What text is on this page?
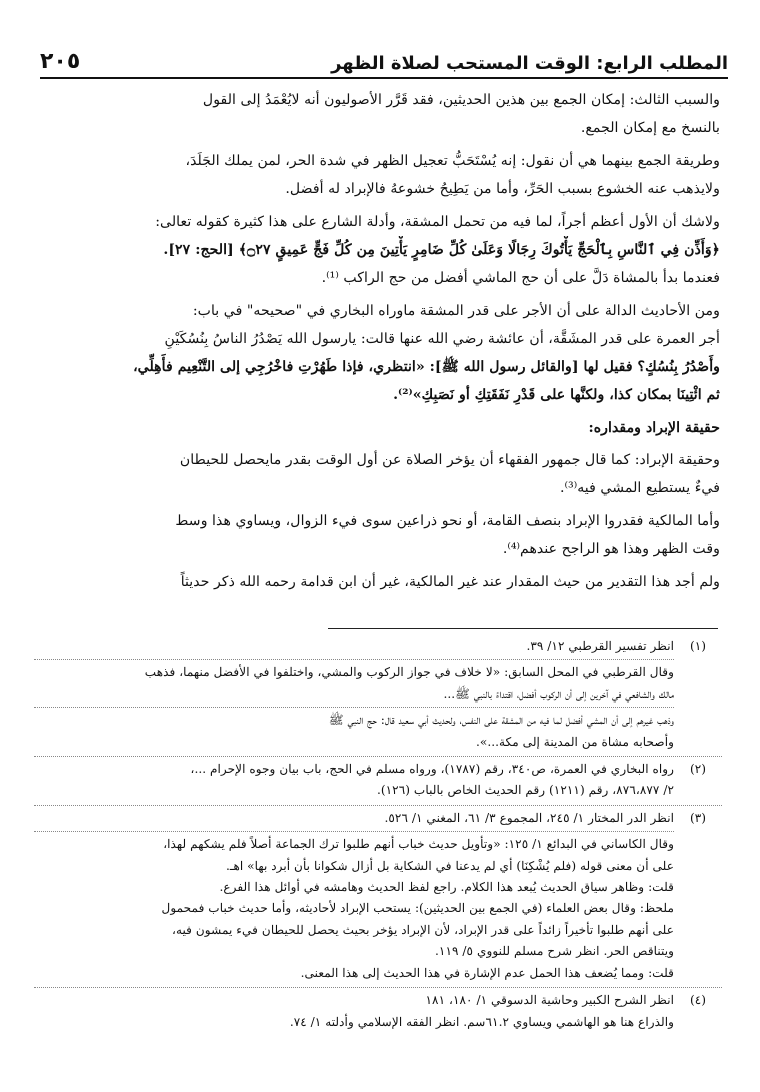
المطلب الرابع: الوقت المستحب لصلاة الظهر
٢٠٥
والسبب الثالث: إمكان الجمع بين هذين الحديثين، فقد قَرَّر الأصوليون أنه لايُعْمَدُ إلى القول
بالنسخ مع إمكان الجمع.
وطريقة الجمع بينهما هي أن نقول: إنه يُسْتَحَبُّ تعجيل الظهر في شدة الحر، لمن يملك الجَلَدَ،
ولايذهب عنه الخشوع بسبب الحَرِّ، وأما من يَطِيحُ خشوعهُ فالإبراد له أفضل.
ولاشك أن الأول أعظم أجراً، لما فيه من تحمل المشقة، وأدلة الشارع على هذا كثيرة كقوله تعالى:
﴿وَأَذِّن فِي ٱلنَّاسِ بِٱلْحَجِّ يَأْتُوكَ رِجَالًا وَعَلَىٰ كُلِّ ضَامِرٍ يَأْتِينَ مِن كُلِّ فَجٍّ عَمِيقٍ ۝٢٧﴾ [الحج: ٢٧].
فعندما بدأ بالمشاة دَلَّ على أن حج الماشي أفضل من حج الراكب ⁽¹⁾.
ومن الأحاديث الدالة على أن الأجر على قدر المشقة ماوراه البخاري في "صحيحه" في باب:
أجر العمرة على قدر المشَقَّة، أن عائشة رضي الله عنها قالت: يارسول الله يَصْدُرُ الناسُ بِنُسُكَيْنِ
وأَصْدُرُ بِنُسُكٍ؟ فقيل لها [والقائل رسول الله ﷺ]: «انتظري، فإذا طَهُرْتِ فاخْرُجِي إلى التَّنْعِيم فأَهِلِّي،
ثم ائْتِينَا بمكان كذا، ولكنَّها على قَدْرِ نَفَقَتِكِ أو نَصَبِكِ»⁽²⁾.
حقيقة الإبراد ومقداره:
وحقيقة الإبراد: كما قال جمهور الفقهاء أن يؤخر الصلاة عن أول الوقت بقدر مايحصل للحيطان
فيءٌ يستطيع المشي فيه⁽³⁾.
وأما المالكية فقدروا الإبراد بنصف القامة، أو نحو ذراعين سوى فيء الزوال، ويساوي هذا وسط
وقت الظهر وهذا هو الراجح عندهم⁽⁴⁾.
ولم أجد هذا التقدير من حيث المقدار عند غير المالكية، غير أن ابن قدامة رحمه الله ذكر حديثاً
(١)
انظر تفسير القرطبي ١٢/ ٣٩.
وقال القرطبي في المحل السابق: «لا خلاف في جواز الركوب والمشي، واختلفوا في الأفضل منهما، فذهب
مالك والشافعي في آخرين إلى أن الركوب أفضل، اقتداءً بالنبي ﷺ...
وذهب غيرهم إلى أن المشي أفضل لما فيه من المشقة على النفس، ولحديث أبي سعيد قال: حج النبي ﷺ
وأصحابه مشاة من المدينة إلى مكة...».
(٢)
رواه البخاري في العمرة، ص٣٤٠، رقم (١٧٨٧)، ورواه مسلم في الحج، باب بيان وجوه الإحرام ...،
٢/ ٨٧٦،٨٧٧، رقم (١٢١١) رقم الحديث الخاص بالباب (١٢٦).
(٣)
انظر الدر المختار ١/ ٢٤٥، المجموع ٣/ ٦١، المغني ١/ ٥٢٦.
وقال الكاساني في البدائع ١/ ١٢٥: «وتأويل حديث خباب أنهم طلبوا ترك الجماعة أصلاً فلم يشكهم لهذا،
على أن معنى قوله (فلم يُشْكِنَا) أي لم يدعنا في الشكاية بل أزال شكوانا بأن أبرد بها» اهـ.
قلت: وظاهر سياق الحديث يُبعد هذا الكلام. راجع لفظ الحديث وهامشه في أوائل هذا الفرع.
ملحظ: وقال بعض العلماء (في الجمع بين الحديثين): يستحب الإبراد لأحاديثه، وأما حديث خباب فمحمول
على أنهم طلبوا تأخيراً زائداً على قدر الإبراد، لأن الإبراد يؤخر بحيث يحصل للحيطان فيء يمشون فيه،
ويتناقص الحر. انظر شرح مسلم للنووي ٥/ ١١٩.
قلت: ومما يُضعف هذا الحمل عدم الإشارة في هذا الحديث إلى هذا المعنى.
(٤)
انظر الشرح الكبير وحاشية الدسوقي ١/ ١٨٠، ١٨١
والذراع هنا هو الهاشمي ويساوي ٦١.٢سم. انظر الفقه الإسلامي وأدلته ١/ ٧٤.
